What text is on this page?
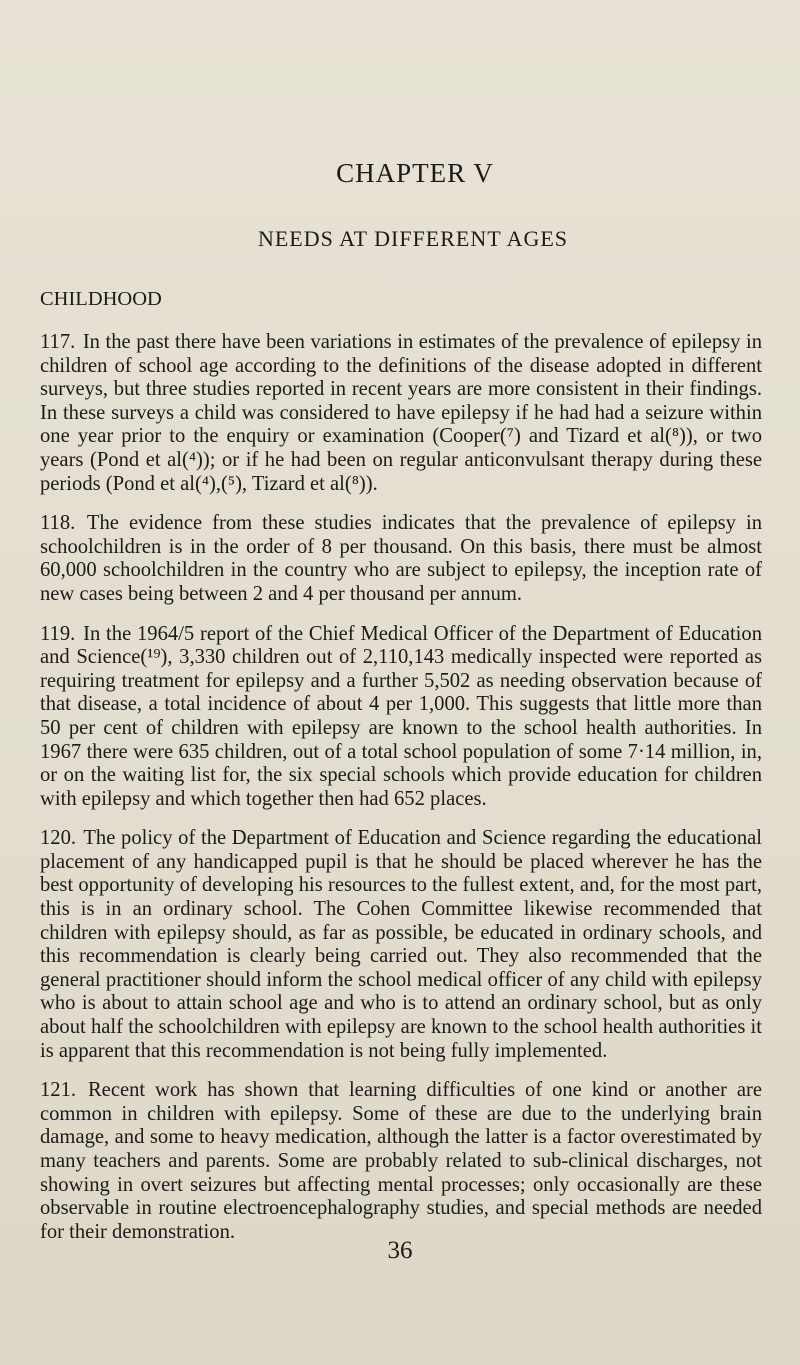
CHAPTER V
NEEDS AT DIFFERENT AGES
CHILDHOOD

117. In the past there have been variations in estimates of the prevalence of epilepsy in children of school age according to the definitions of the disease adopted in different surveys, but three studies reported in recent years are more consistent in their findings. In these surveys a child was considered to have epilepsy if he had had a seizure within one year prior to the enquiry or examination (Cooper(⁷) and Tizard et al(⁸)), or two years (Pond et al(⁴)); or if he had been on regular anticonvulsant therapy during these periods (Pond et al(⁴),(⁵), Tizard et al(⁸)).

118. The evidence from these studies indicates that the prevalence of epilepsy in schoolchildren is in the order of 8 per thousand. On this basis, there must be almost 60,000 schoolchildren in the country who are subject to epilepsy, the inception rate of new cases being between 2 and 4 per thousand per annum.

119. In the 1964/5 report of the Chief Medical Officer of the Department of Education and Science(¹⁹), 3,330 children out of 2,110,143 medically inspected were reported as requiring treatment for epilepsy and a further 5,502 as needing observation because of that disease, a total incidence of about 4 per 1,000. This suggests that little more than 50 per cent of children with epilepsy are known to the school health authorities. In 1967 there were 635 children, out of a total school population of some 7·14 million, in, or on the waiting list for, the six special schools which provide education for children with epilepsy and which together then had 652 places.

120. The policy of the Department of Education and Science regarding the educational placement of any handicapped pupil is that he should be placed wherever he has the best opportunity of developing his resources to the fullest extent, and, for the most part, this is in an ordinary school. The Cohen Committee likewise recommended that children with epilepsy should, as far as possible, be educated in ordinary schools, and this recommendation is clearly being carried out. They also recommended that the general practitioner should inform the school medical officer of any child with epilepsy who is about to attain school age and who is to attend an ordinary school, but as only about half the schoolchildren with epilepsy are known to the school health authorities it is apparent that this recommendation is not being fully implemented.

121. Recent work has shown that learning difficulties of one kind or another are common in children with epilepsy. Some of these are due to the underlying brain damage, and some to heavy medication, although the latter is a factor overestimated by many teachers and parents. Some are probably related to sub-clinical discharges, not showing in overt seizures but affecting mental processes; only occasionally are these observable in routine electroencephalography studies, and special methods are needed for their demonstration.

36
